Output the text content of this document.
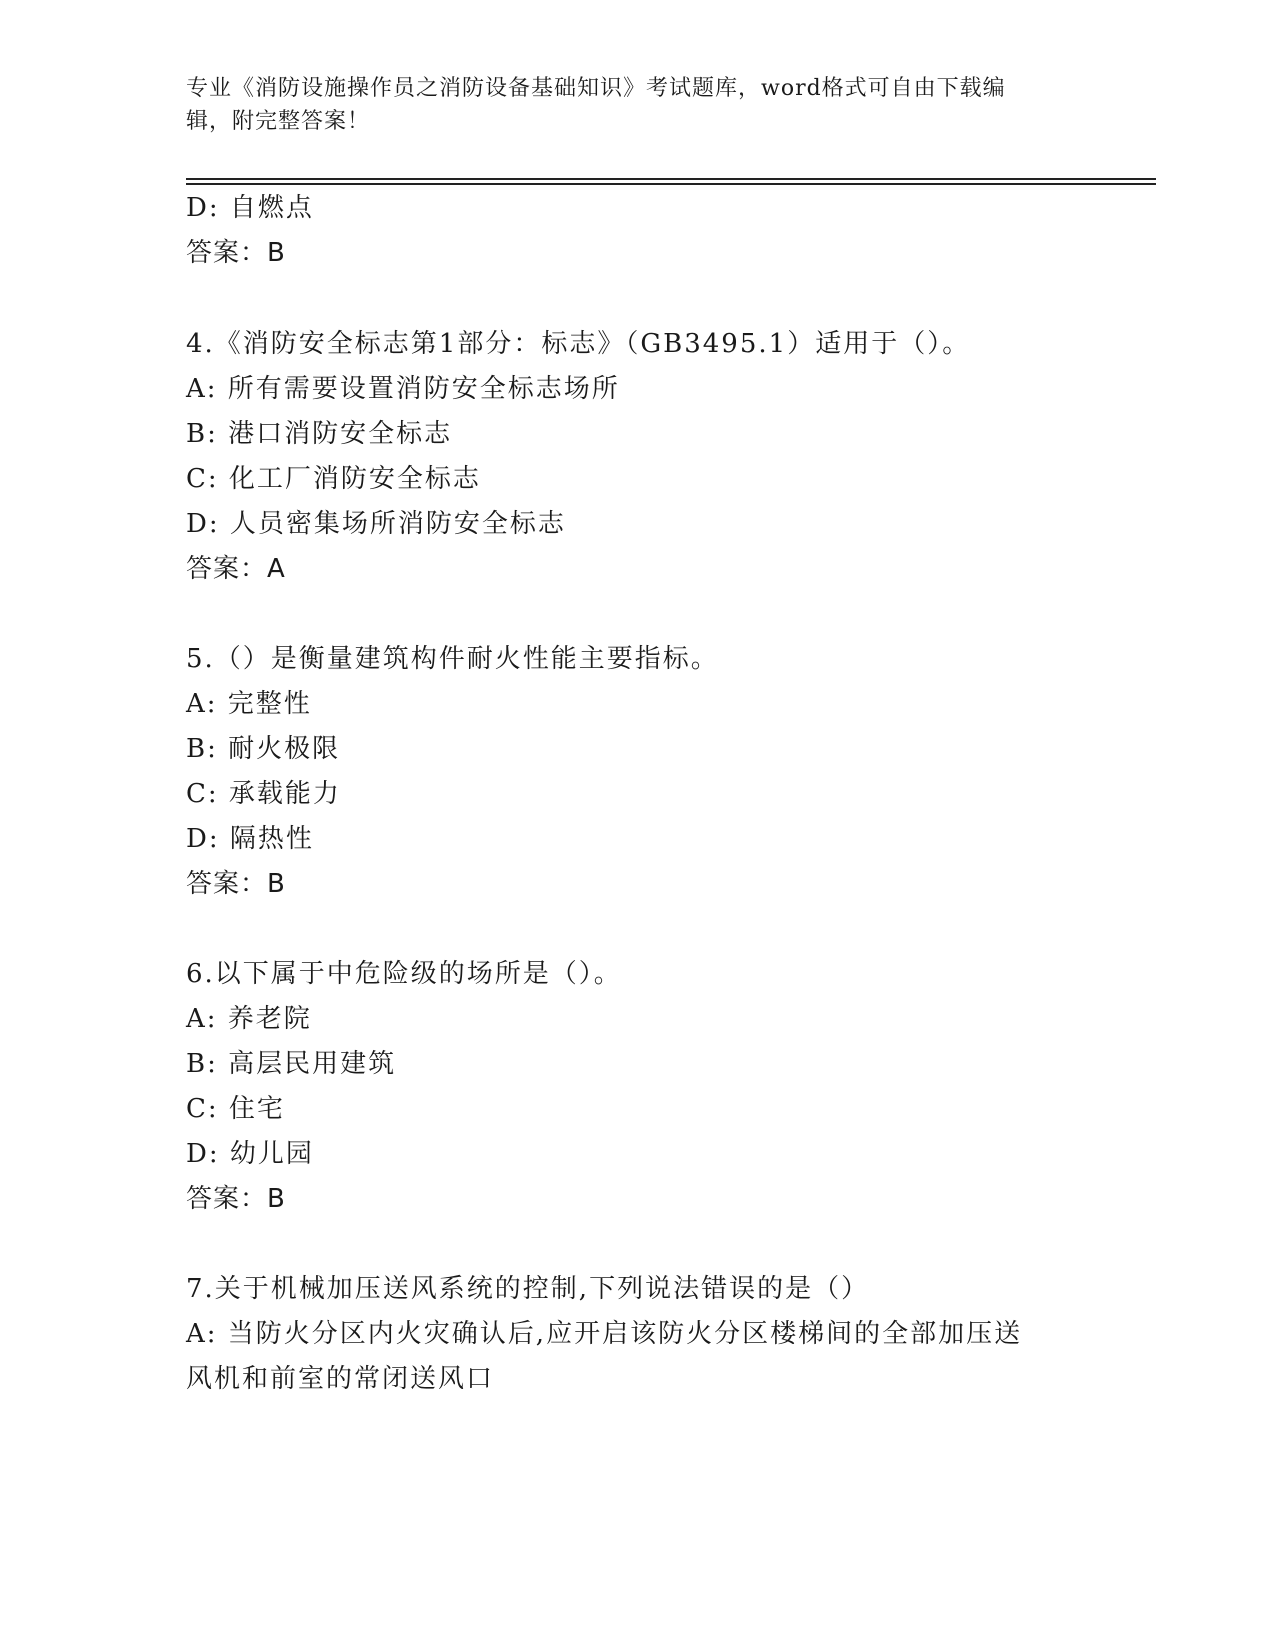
专业《消防设施操作员之消防设备基础知识》考试题库，word格式可自由下载编
辑，附完整答案！
D: 自燃点
答案：B
4.《消防安全标志第1部分：标志》（GB3495.1）适用于（）。
A: 所有需要设置消防安全标志场所
B: 港口消防安全标志
C: 化工厂消防安全标志
D: 人员密集场所消防安全标志
答案：A
5.（）是衡量建筑构件耐火性能主要指标。
A: 完整性
B: 耐火极限
C: 承载能力
D: 隔热性
答案：B
6.以下属于中危险级的场所是（）。
A: 养老院
B: 高层民用建筑
C: 住宅
D: 幼儿园
答案：B
7.关于机械加压送风系统的控制,下列说法错误的是（）
A: 当防火分区内火灾确认后,应开启该防火分区楼梯间的全部加压送
风机和前室的常闭送风口
